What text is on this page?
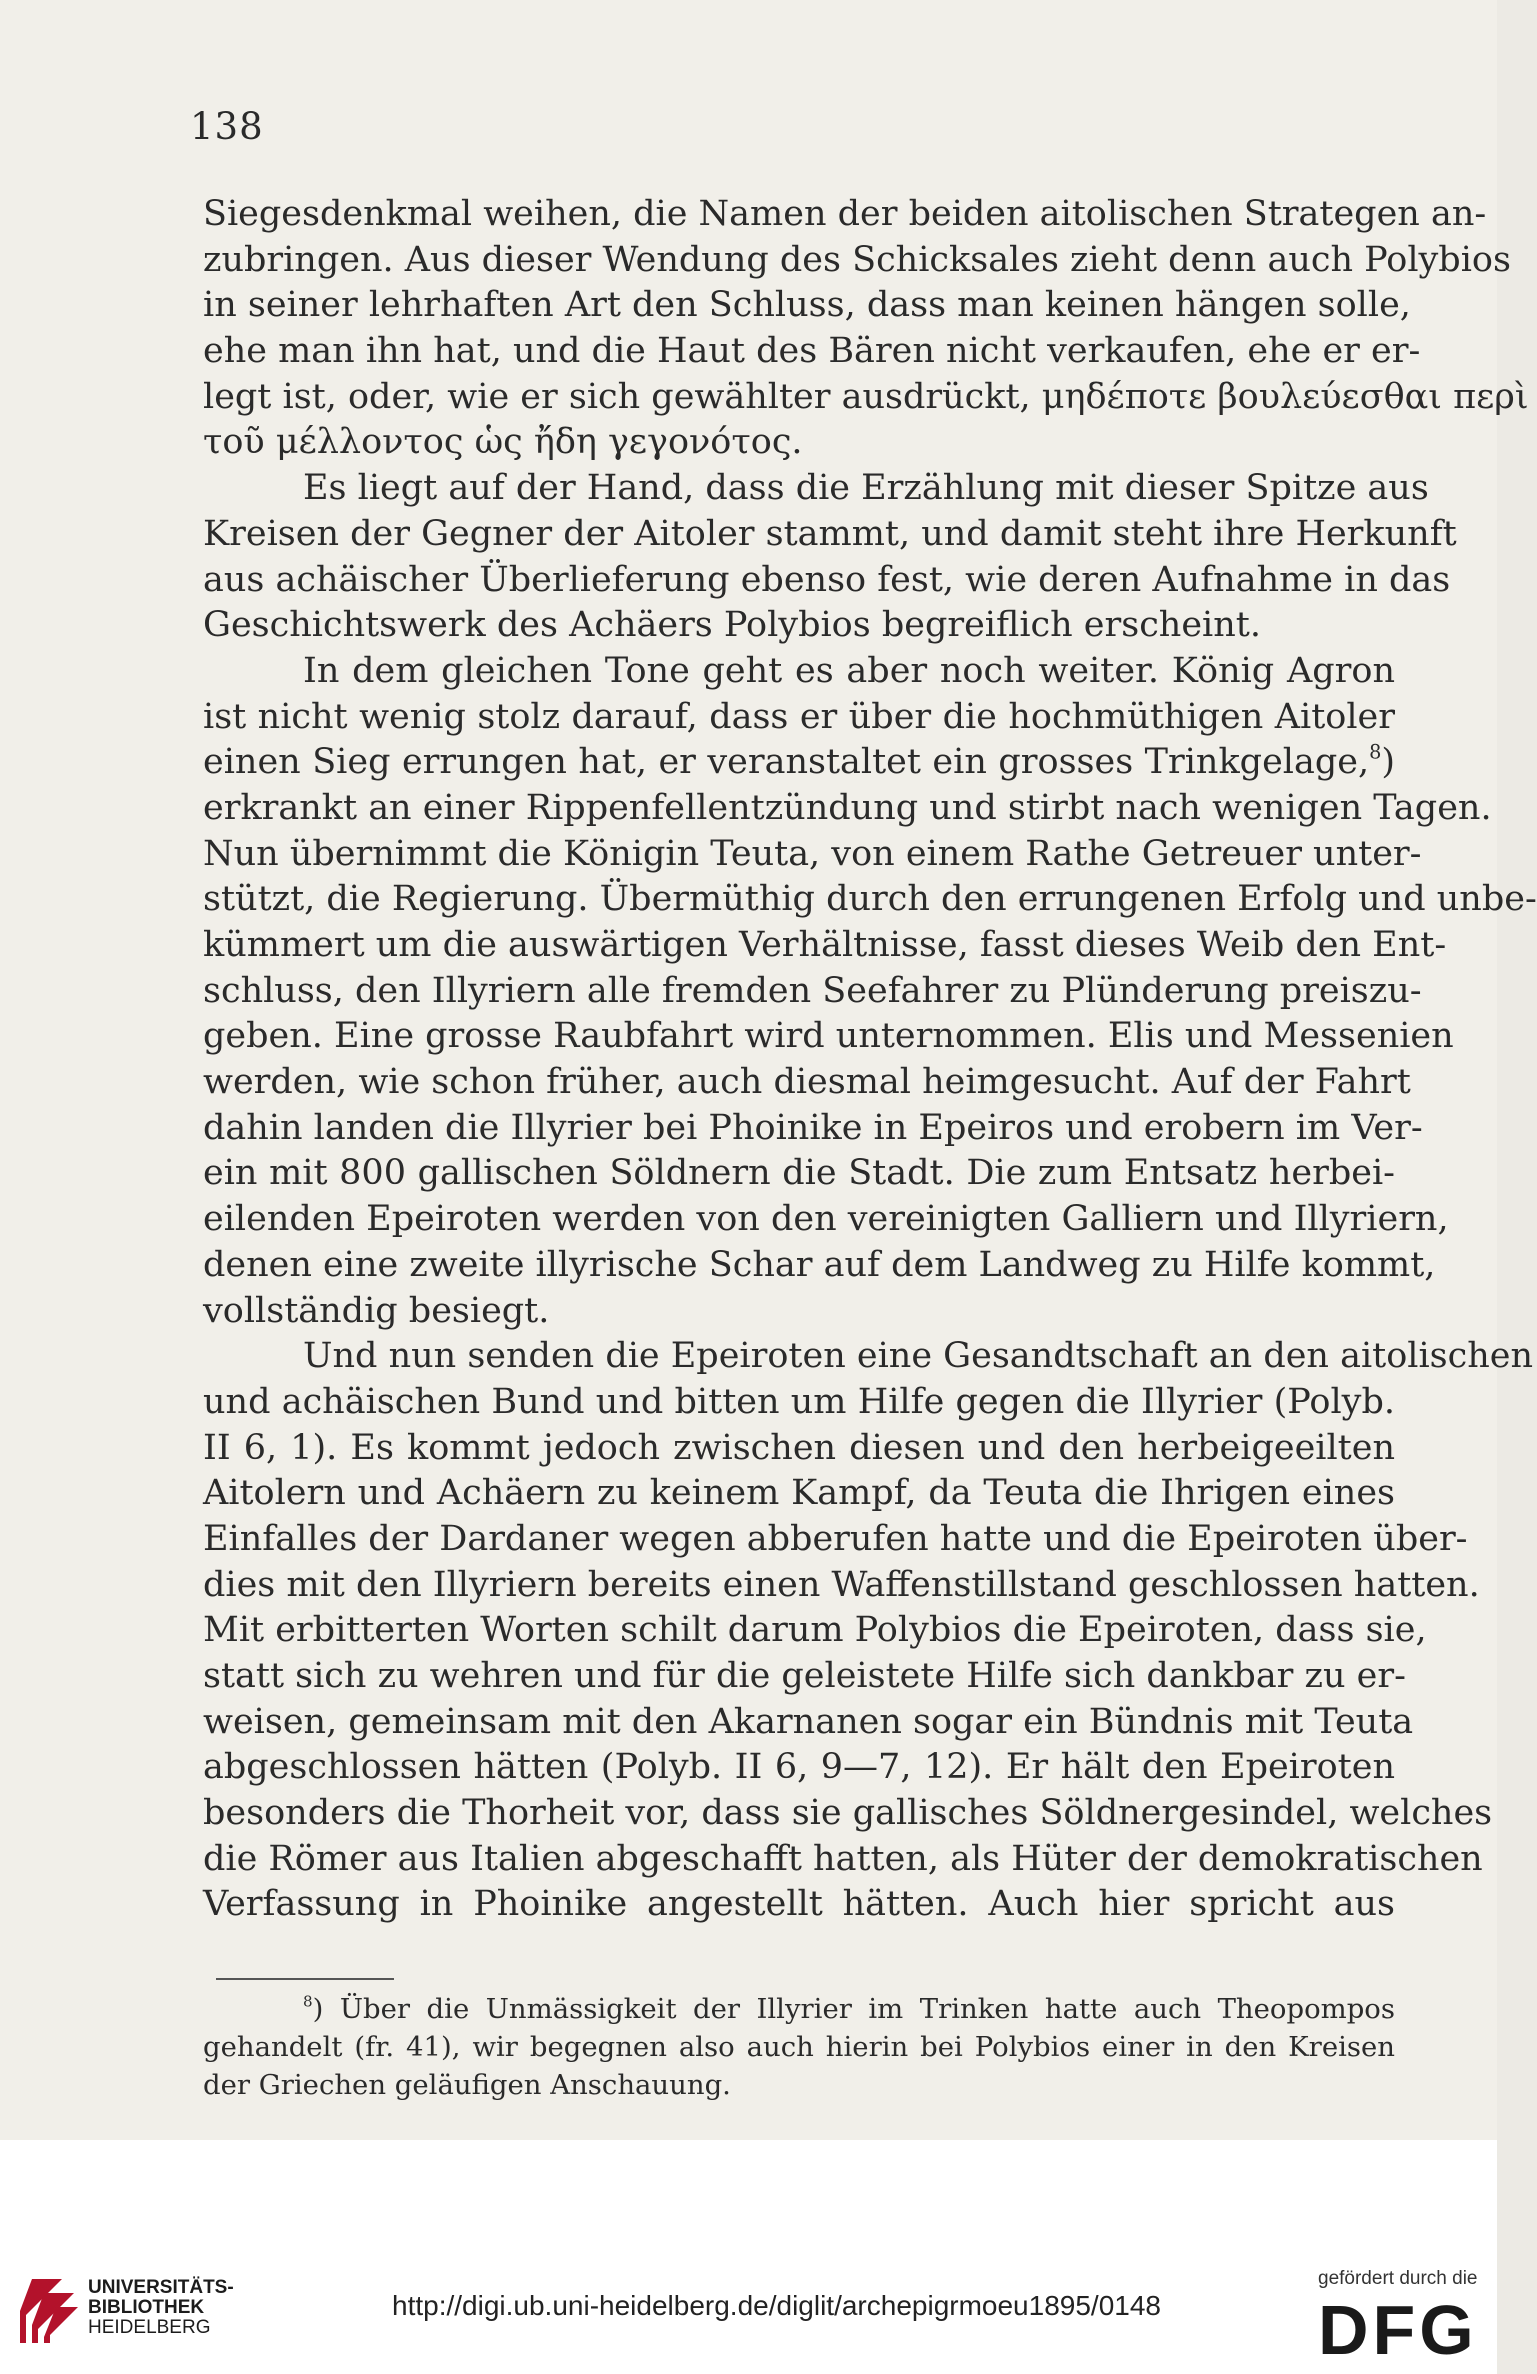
138
Siegesdenkmal weihen, die Namen der beiden aitolischen Strategen an-
zubringen. Aus dieser Wendung des Schicksales zieht denn auch Polybios
in seiner lehrhaften Art den Schluss, dass man keinen hängen solle,
ehe man ihn hat, und die Haut des Bären nicht verkaufen, ehe er er-
legt ist, oder, wie er sich gewählter ausdrückt, μηδέποτε βουλεύεσθαι περὶ
τοῦ μέλλοντος ὡς ἤδη γεγονότος.
Es liegt auf der Hand, dass die Erzählung mit dieser Spitze aus
Kreisen der Gegner der Aitoler stammt, und damit steht ihre Herkunft
aus achäischer Überlieferung ebenso fest, wie deren Aufnahme in das
Geschichtswerk des Achäers Polybios begreiflich erscheint.
In dem gleichen Tone geht es aber noch weiter. König Agron
ist nicht wenig stolz darauf, dass er über die hochmüthigen Aitoler
einen Sieg errungen hat, er veranstaltet ein grosses Trinkgelage,$^8$)
erkrankt an einer Rippenfellentzündung und stirbt nach wenigen Tagen.
Nun übernimmt die Königin Teuta, von einem Rathe Getreuer unter-
stützt, die Regierung. Übermüthig durch den errungenen Erfolg und unbe-
kümmert um die auswärtigen Verhältnisse, fasst dieses Weib den Ent-
schluss, den Illyriern alle fremden Seefahrer zu Plünderung preiszu-
geben. Eine grosse Raubfahrt wird unternommen. Elis und Messenien
werden, wie schon früher, auch diesmal heimgesucht. Auf der Fahrt
dahin landen die Illyrier bei Phoinike in Epeiros und erobern im Ver-
ein mit 800 gallischen Söldnern die Stadt. Die zum Entsatz herbei-
eilenden Epeiroten werden von den vereinigten Galliern und Illyriern,
denen eine zweite illyrische Schar auf dem Landweg zu Hilfe kommt,
vollständig besiegt.
Und nun senden die Epeiroten eine Gesandtschaft an den aitolischen
und achäischen Bund und bitten um Hilfe gegen die Illyrier (Polyb.
II 6, 1). Es kommt jedoch zwischen diesen und den herbeigeeilten
Aitolern und Achäern zu keinem Kampf, da Teuta die Ihrigen eines
Einfalles der Dardaner wegen abberufen hatte und die Epeiroten über-
dies mit den Illyriern bereits einen Waffenstillstand geschlossen hatten.
Mit erbitterten Worten schilt darum Polybios die Epeiroten, dass sie,
statt sich zu wehren und für die geleistete Hilfe sich dankbar zu er-
weisen, gemeinsam mit den Akarnanen sogar ein Bündnis mit Teuta
abgeschlossen hätten (Polyb. II 6, 9—7, 12). Er hält den Epeiroten
besonders die Thorheit vor, dass sie gallisches Söldnergesindel, welches
die Römer aus Italien abgeschafft hatten, als Hüter der demokratischen
Verfassung in Phoinike angestellt hätten. Auch hier spricht aus
$^8$) Über die Unmässigkeit der Illyrier im Trinken hatte auch Theopompos
gehandelt (fr. 41), wir begegnen also auch hierin bei Polybios einer in den Kreisen
der Griechen geläufigen Anschauung.
UNIVERSITÄTS-
BIBLIOTHEK
HEIDELBERG
http://digi.ub.uni-heidelberg.de/diglit/archepigrmoeu1895/0148
gefördert durch die
DFG
